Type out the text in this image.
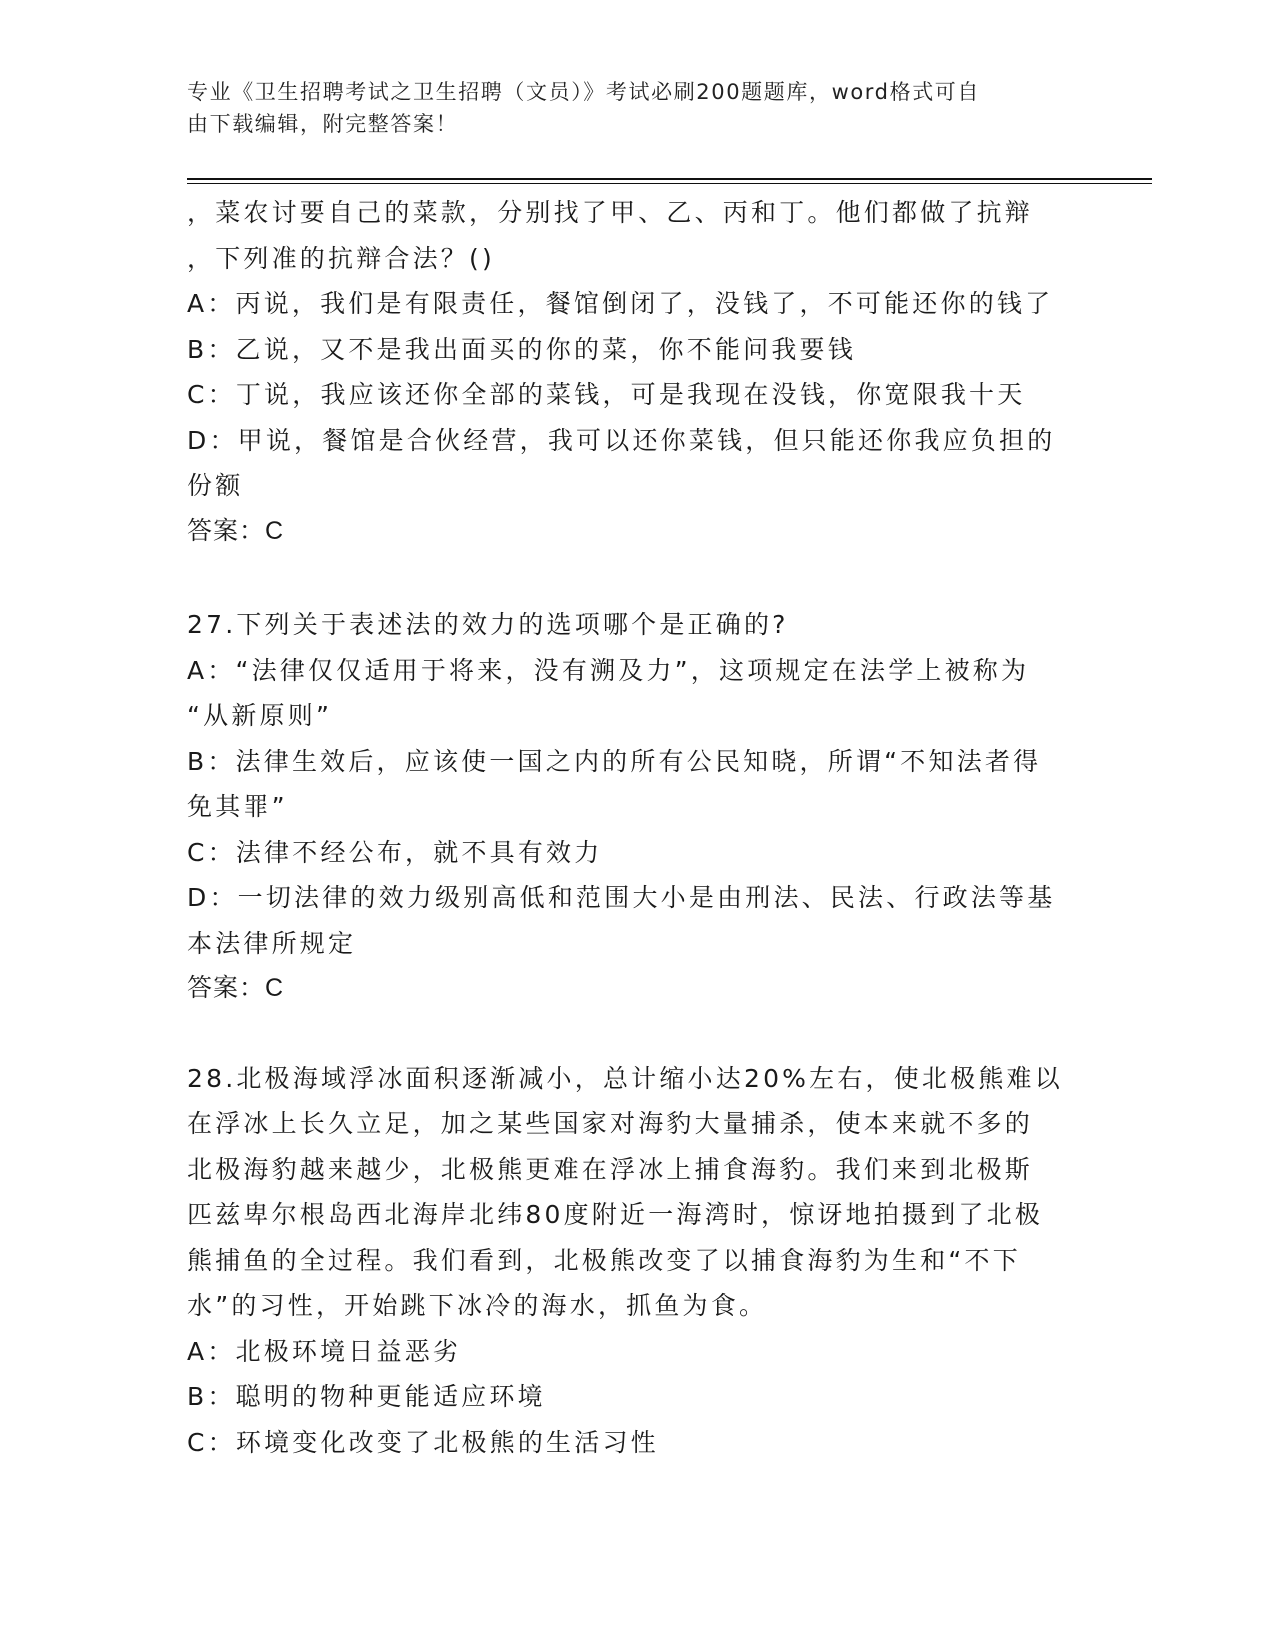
专业《卫生招聘考试之卫生招聘（文员）》考试必刷200题题库，word格式可自
由下载编辑，附完整答案！
，菜农讨要自己的菜款，分别找了甲、乙、丙和丁。他们都做了抗辩
，下列准的抗辩合法？()
A：丙说，我们是有限责任，餐馆倒闭了，没钱了，不可能还你的钱了
B：乙说，又不是我出面买的你的菜，你不能问我要钱
C：丁说，我应该还你全部的菜钱，可是我现在没钱，你宽限我十天
D：甲说，餐馆是合伙经营，我可以还你菜钱，但只能还你我应负担的
份额
答案：C
27.下列关于表述法的效力的选项哪个是正确的?
A：“法律仅仅适用于将来，没有溯及力”，这项规定在法学上被称为
“从新原则”
B：法律生效后，应该使一国之内的所有公民知晓，所谓“不知法者得
免其罪”
C：法律不经公布，就不具有效力
D：一切法律的效力级别高低和范围大小是由刑法、民法、行政法等基
本法律所规定
答案：C
28.北极海域浮冰面积逐渐减小，总计缩小达20%左右，使北极熊难以
在浮冰上长久立足，加之某些国家对海豹大量捕杀，使本来就不多的
北极海豹越来越少，北极熊更难在浮冰上捕食海豹。我们来到北极斯
匹兹卑尔根岛西北海岸北纬80度附近一海湾时，惊讶地拍摄到了北极
熊捕鱼的全过程。我们看到，北极熊改变了以捕食海豹为生和“不下
水”的习性，开始跳下冰冷的海水，抓鱼为食。
A：北极环境日益恶劣
B：聪明的物种更能适应环境
C：环境变化改变了北极熊的生活习性
